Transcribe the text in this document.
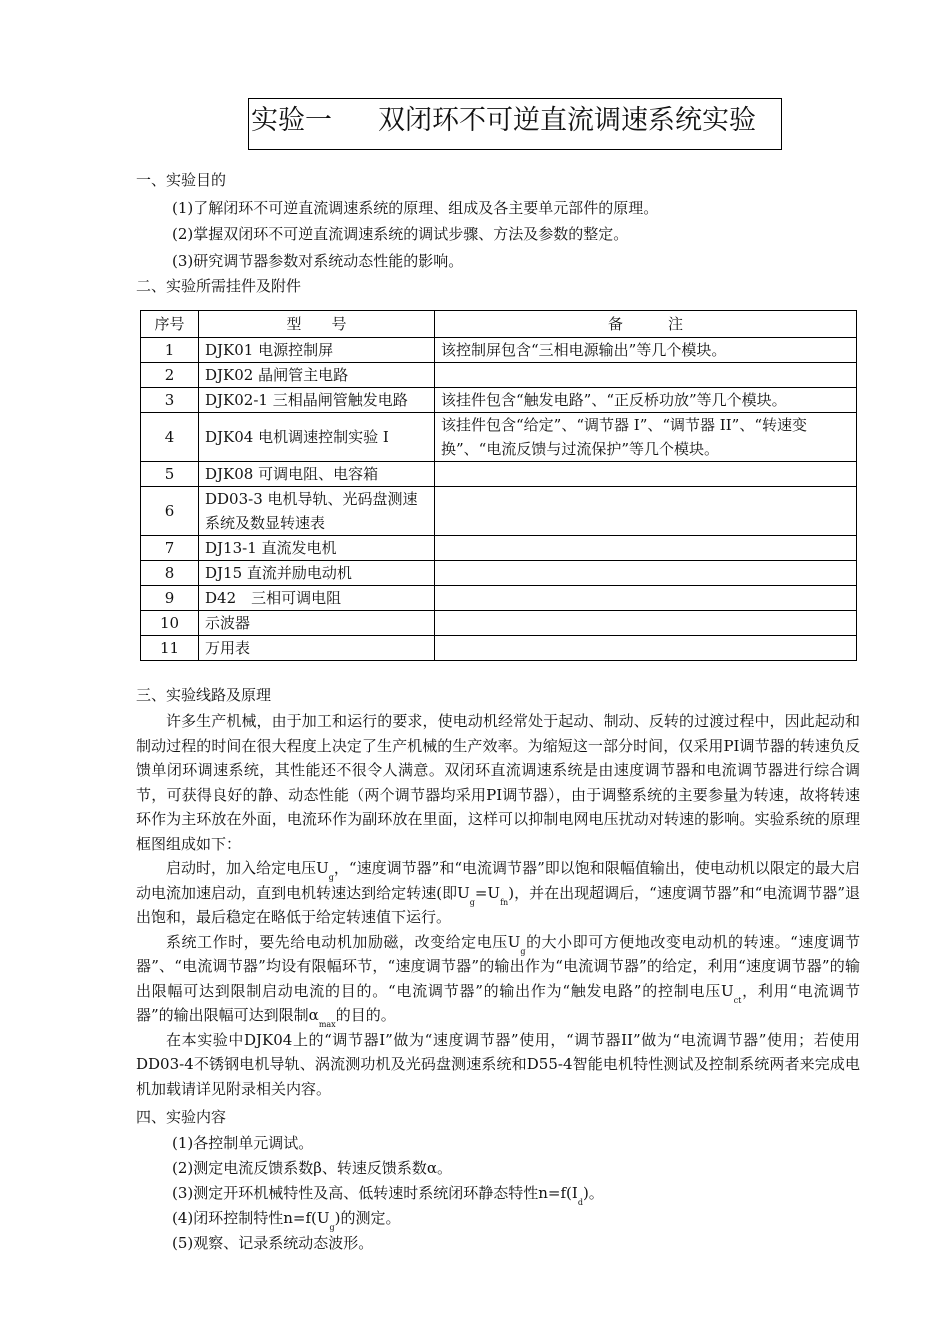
实验一 双闭环不可逆直流调速系统实验
一、实验目的
(1)了解闭环不可逆直流调速系统的原理、组成及各主要单元部件的原理。
(2)掌握双闭环不可逆直流调速系统的调试步骤、方法及参数的整定。
(3)研究调节器参数对系统动态性能的影响。
二、实验所需挂件及附件
序号	型　　号	备　　　注
1	DJK01 电源控制屏	该控制屏包含“三相电源输出”等几个模块。
2	DJK02 晶闸管主电路	
3	DJK02-1 三相晶闸管触发电路	该挂件包含“触发电路”、“正反桥功放”等几个模块。
4	DJK04 电机调速控制实验 I	该挂件包含“给定”、“调节器 I”、“调节器 II”、“转速变换”、“电流反馈与过流保护”等几个模块。
5	DJK08 可调电阻、电容箱	
6	DD03-3 电机导轨、光码盘测速系统及数显转速表	
7	DJ13-1 直流发电机	
8	DJ15 直流并励电动机	
9	D42　三相可调电阻	
10	示波器	
11	万用表	
三、实验线路及原理

许多生产机械，由于加工和运行的要求，使电动机经常处于起动、制动、反转的过渡过程中，因此起动和制动过程的时间在很大程度上决定了生产机械的生产效率。为缩短这一部分时间，仅采用PI调节器的转速负反馈单闭环调速系统，其性能还不很令人满意。双闭环直流调速系统是由速度调节器和电流调节器进行综合调节，可获得良好的静、动态性能（两个调节器均采用PI调节器），由于调整系统的主要参量为转速，故将转速环作为主环放在外面，电流环作为副环放在里面，这样可以抑制电网电压扰动对转速的影响。实验系统的原理框图组成如下：

启动时，加入给定电压$U_g$，“速度调节器”和“电流调节器”即以饱和限幅值输出，使电动机以限定的最大启动电流加速启动，直到电机转速达到给定转速(即$U_g=U_{fn}$)，并在出现超调后，“速度调节器”和“电流调节器”退出饱和，最后稳定在略低于给定转速值下运行。

系统工作时，要先给电动机加励磁，改变给定电压$U_g$的大小即可方便地改变电动机的转速。“速度调节器”、“电流调节器”均设有限幅环节，“速度调节器”的输出作为“电流调节器”的给定，利用“速度调节器”的输出限幅可达到限制启动电流的目的。“电流调节器”的输出作为“触发电路”的控制电压$U_{ct}$，利用“电流调节器”的输出限幅可达到限制$\alpha_{max}$的目的。

在本实验中DJK04上的“调节器I”做为“速度调节器”使用，“调节器II”做为“电流调节器”使用；若使用DD03-4不锈钢电机导轨、涡流测功机及光码盘测速系统和D55-4智能电机特性测试及控制系统两者来完成电机加载请详见附录相关内容。

四、实验内容
(1)各控制单元调试。
(2)测定电流反馈系数β、转速反馈系数α。
(3)测定开环机械特性及高、低转速时系统闭环静态特性$n=f(I_d)$。
(4)闭环控制特性$n=f(U_g)$的测定。
(5)观察、记录系统动态波形。
